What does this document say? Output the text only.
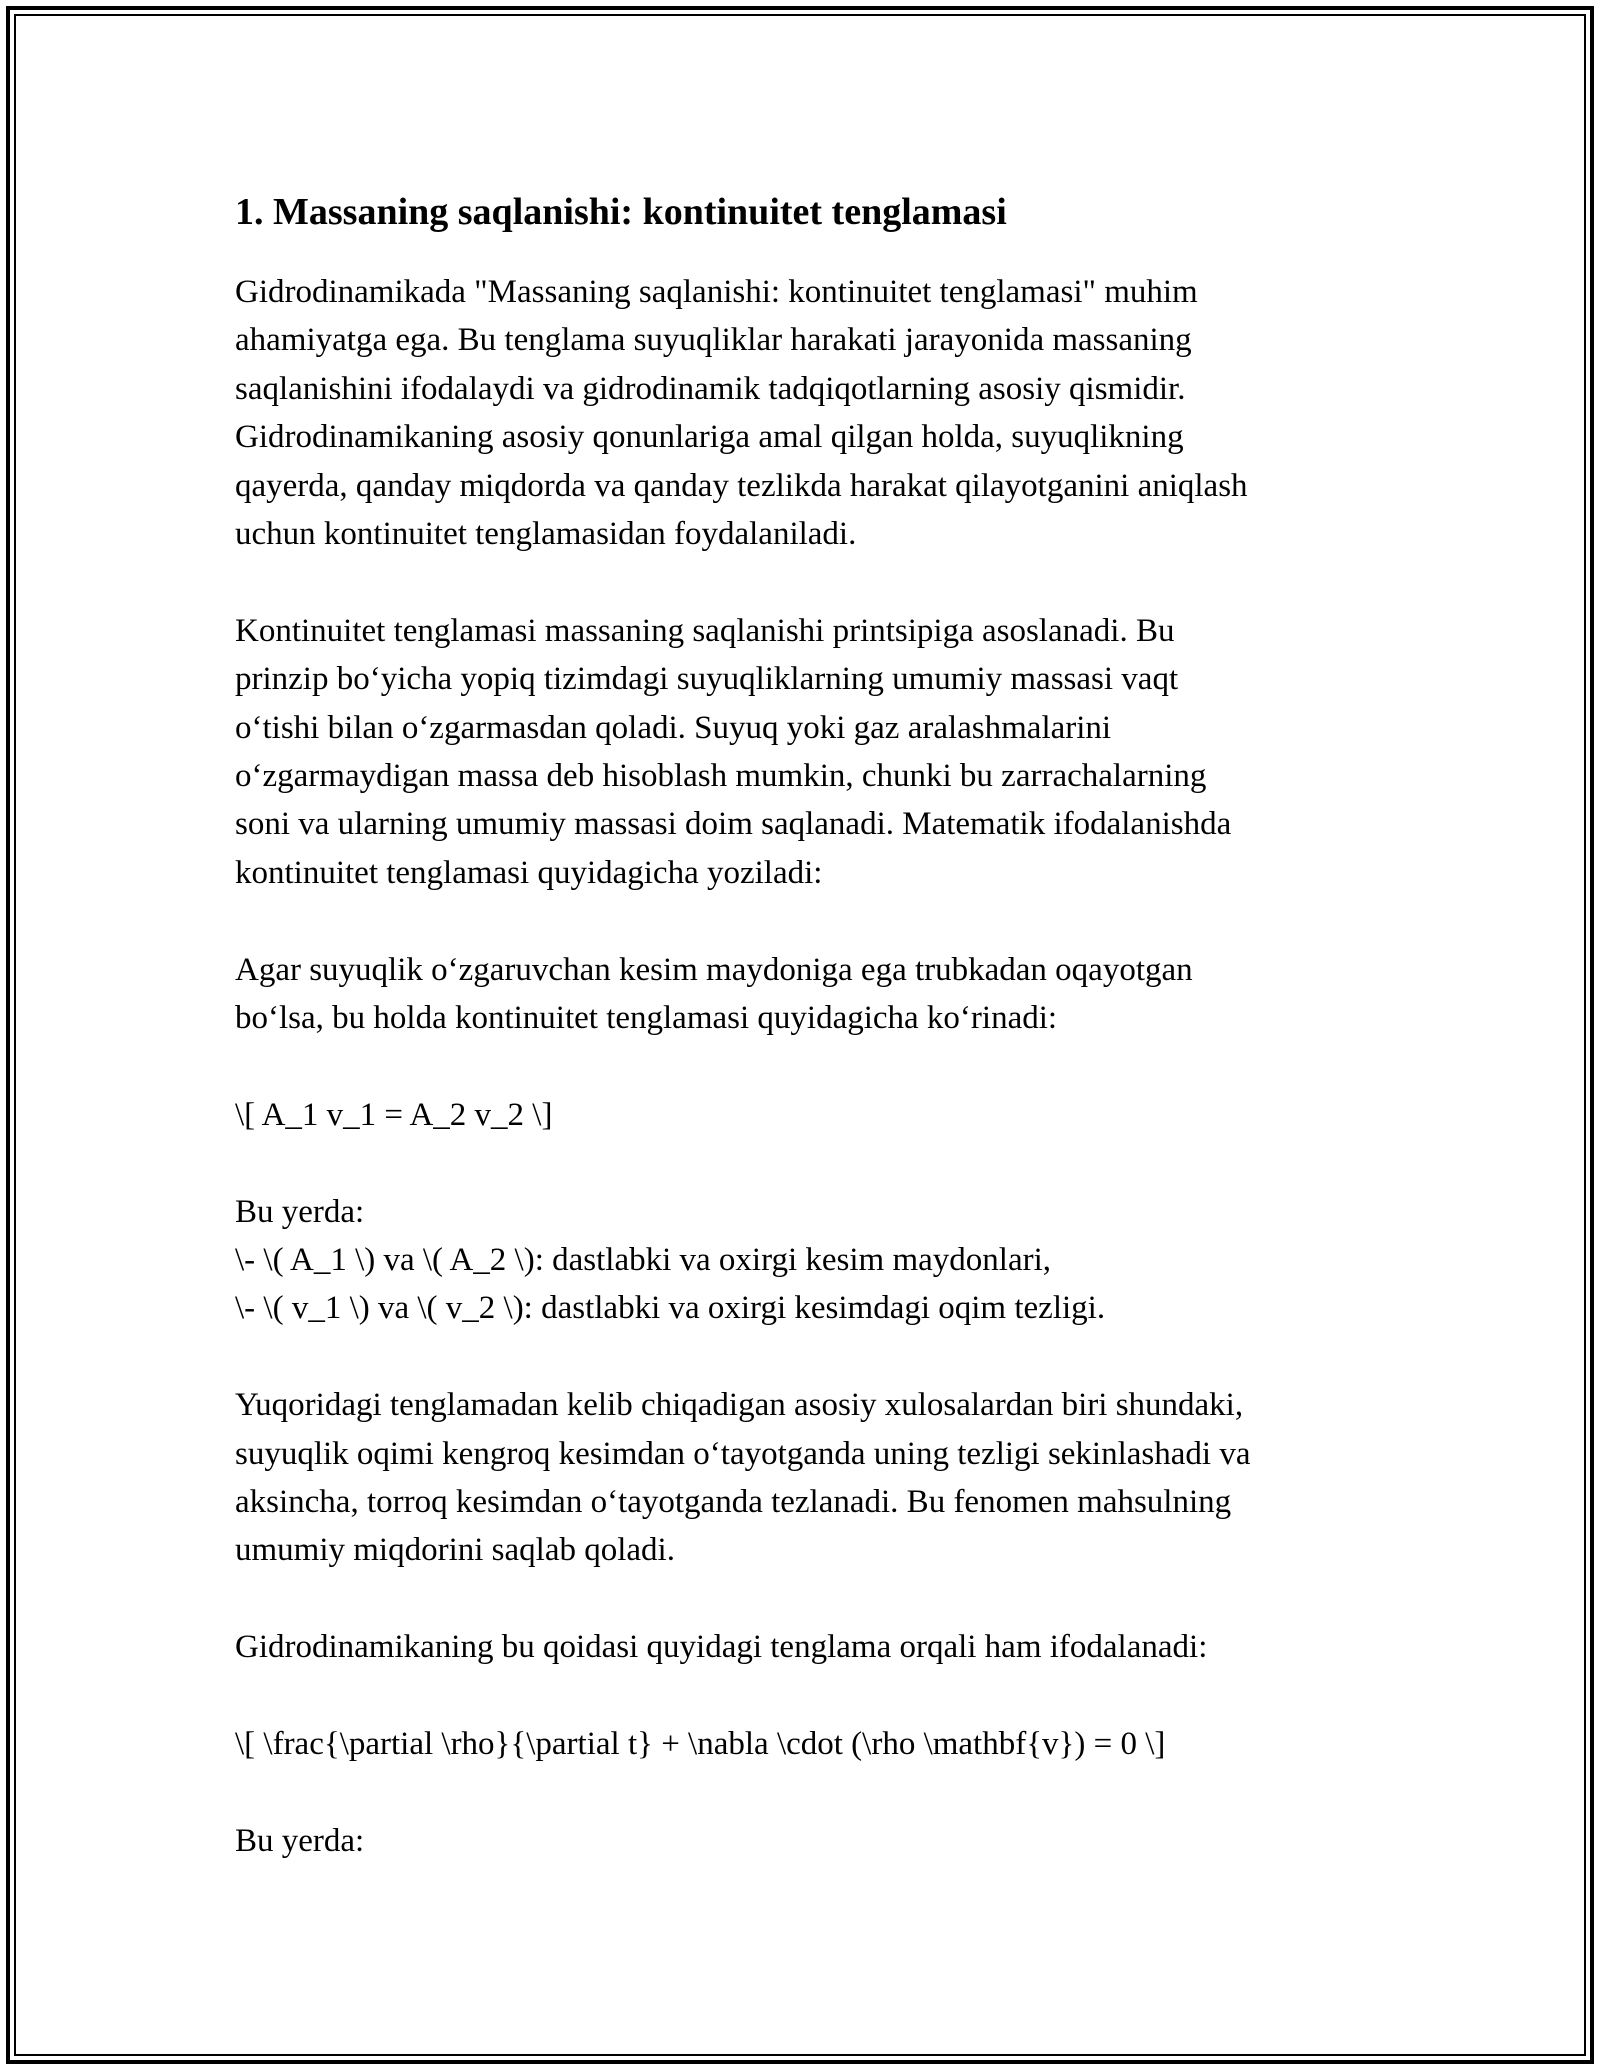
1. Massaning saqlanishi: kontinuitet tenglamasi

Gidrodinamikada "Massaning saqlanishi: kontinuitet tenglamasi" muhim
ahamiyatga ega. Bu tenglama suyuqliklar harakati jarayonida massaning
saqlanishini ifodalaydi va gidrodinamik tadqiqotlarning asosiy qismidir.
Gidrodinamikaning asosiy qonunlariga amal qilgan holda, suyuqlikning
qayerda, qanday miqdorda va qanday tezlikda harakat qilayotganini aniqlash
uchun kontinuitet tenglamasidan foydalaniladi.

Kontinuitet tenglamasi massaning saqlanishi printsipiga asoslanadi. Bu
prinzip bo‘yicha yopiq tizimdagi suyuqliklarning umumiy massasi vaqt
o‘tishi bilan o‘zgarmasdan qoladi. Suyuq yoki gaz aralashmalarini
o‘zgarmaydigan massa deb hisoblash mumkin, chunki bu zarrachalarning
soni va ularning umumiy massasi doim saqlanadi. Matematik ifodalanishda
kontinuitet tenglamasi quyidagicha yoziladi:

Agar suyuqlik o‘zgaruvchan kesim maydoniga ega trubkadan oqayotgan
bo‘lsa, bu holda kontinuitet tenglamasi quyidagicha ko‘rinadi:

\[ A_1 v_1 = A_2 v_2 \]

Bu yerda:
\- \( A_1 \) va \( A_2 \): dastlabki va oxirgi kesim maydonlari,
\- \( v_1 \) va \( v_2 \): dastlabki va oxirgi kesimdagi oqim tezligi.

Yuqoridagi tenglamadan kelib chiqadigan asosiy xulosalardan biri shundaki,
suyuqlik oqimi kengroq kesimdan o‘tayotganda uning tezligi sekinlashadi va
aksincha, torroq kesimdan o‘tayotganda tezlanadi. Bu fenomen mahsulning
umumiy miqdorini saqlab qoladi.

Gidrodinamikaning bu qoidasi quyidagi tenglama orqali ham ifodalanadi:

\[ \frac{\partial \rho}{\partial t} + \nabla \cdot (\rho \mathbf{v}) = 0 \]

Bu yerda:
